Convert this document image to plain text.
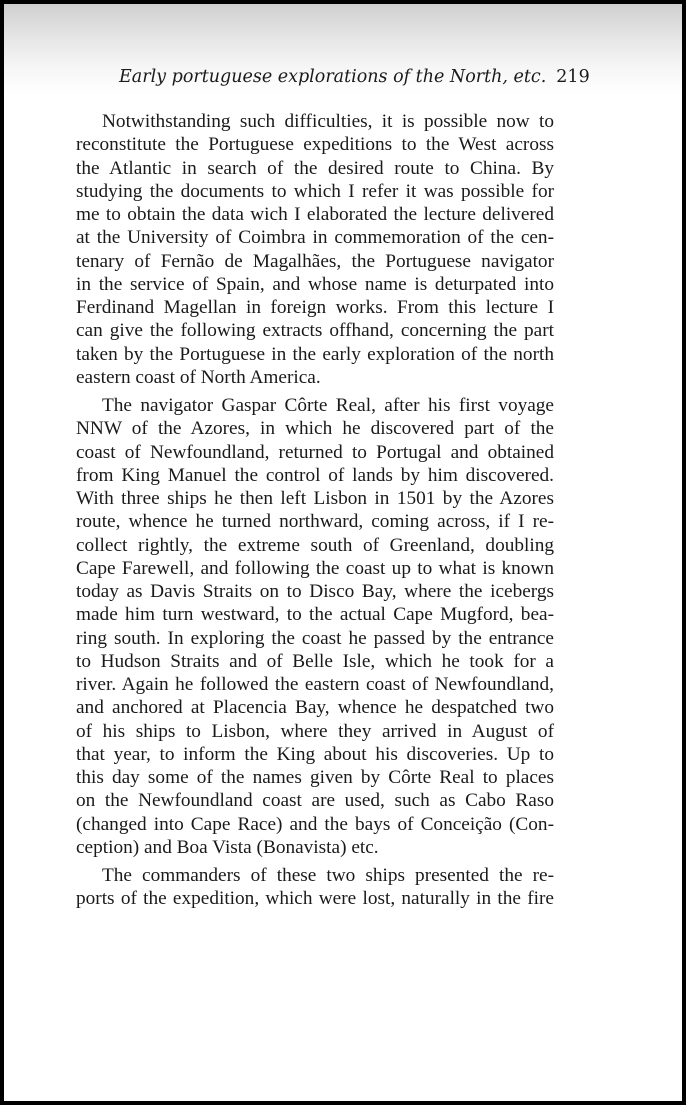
Early portuguese explorations of the North, etc. 219
Notwithstanding such difficulties, it is possible now to
reconstitute the Portuguese expeditions to the West across
the Atlantic in search of the desired route to China. By
studying the documents to which I refer it was possible for
me to obtain the data wich I elaborated the lecture delivered
at the University of Coimbra in commemoration of the cen-
tenary of Fernão de Magalhães, the Portuguese navigator
in the service of Spain, and whose name is deturpated into
Ferdinand Magellan in foreign works. From this lecture I
can give the following extracts offhand, concerning the part
taken by the Portuguese in the early exploration of the north
eastern coast of North America.
The navigator Gaspar Côrte Real, after his first voyage
NNW of the Azores, in which he discovered part of the
coast of Newfoundland, returned to Portugal and obtained
from King Manuel the control of lands by him discovered.
With three ships he then left Lisbon in 1501 by the Azores
route, whence he turned northward, coming across, if I re-
collect rightly, the extreme south of Greenland, doubling
Cape Farewell, and following the coast up to what is known
today as Davis Straits on to Disco Bay, where the icebergs
made him turn westward, to the actual Cape Mugford, bea-
ring south. In exploring the coast he passed by the entrance
to Hudson Straits and of Belle Isle, which he took for a
river. Again he followed the eastern coast of Newfoundland,
and anchored at Placencia Bay, whence he despatched two
of his ships to Lisbon, where they arrived in August of
that year, to inform the King about his discoveries. Up to
this day some of the names given by Côrte Real to places
on the Newfoundland coast are used, such as Cabo Raso
(changed into Cape Race) and the bays of Conceição (Con-
ception) and Boa Vista (Bonavista) etc.
The commanders of these two ships presented the re-
ports of the expedition, which were lost, naturally in the fire
